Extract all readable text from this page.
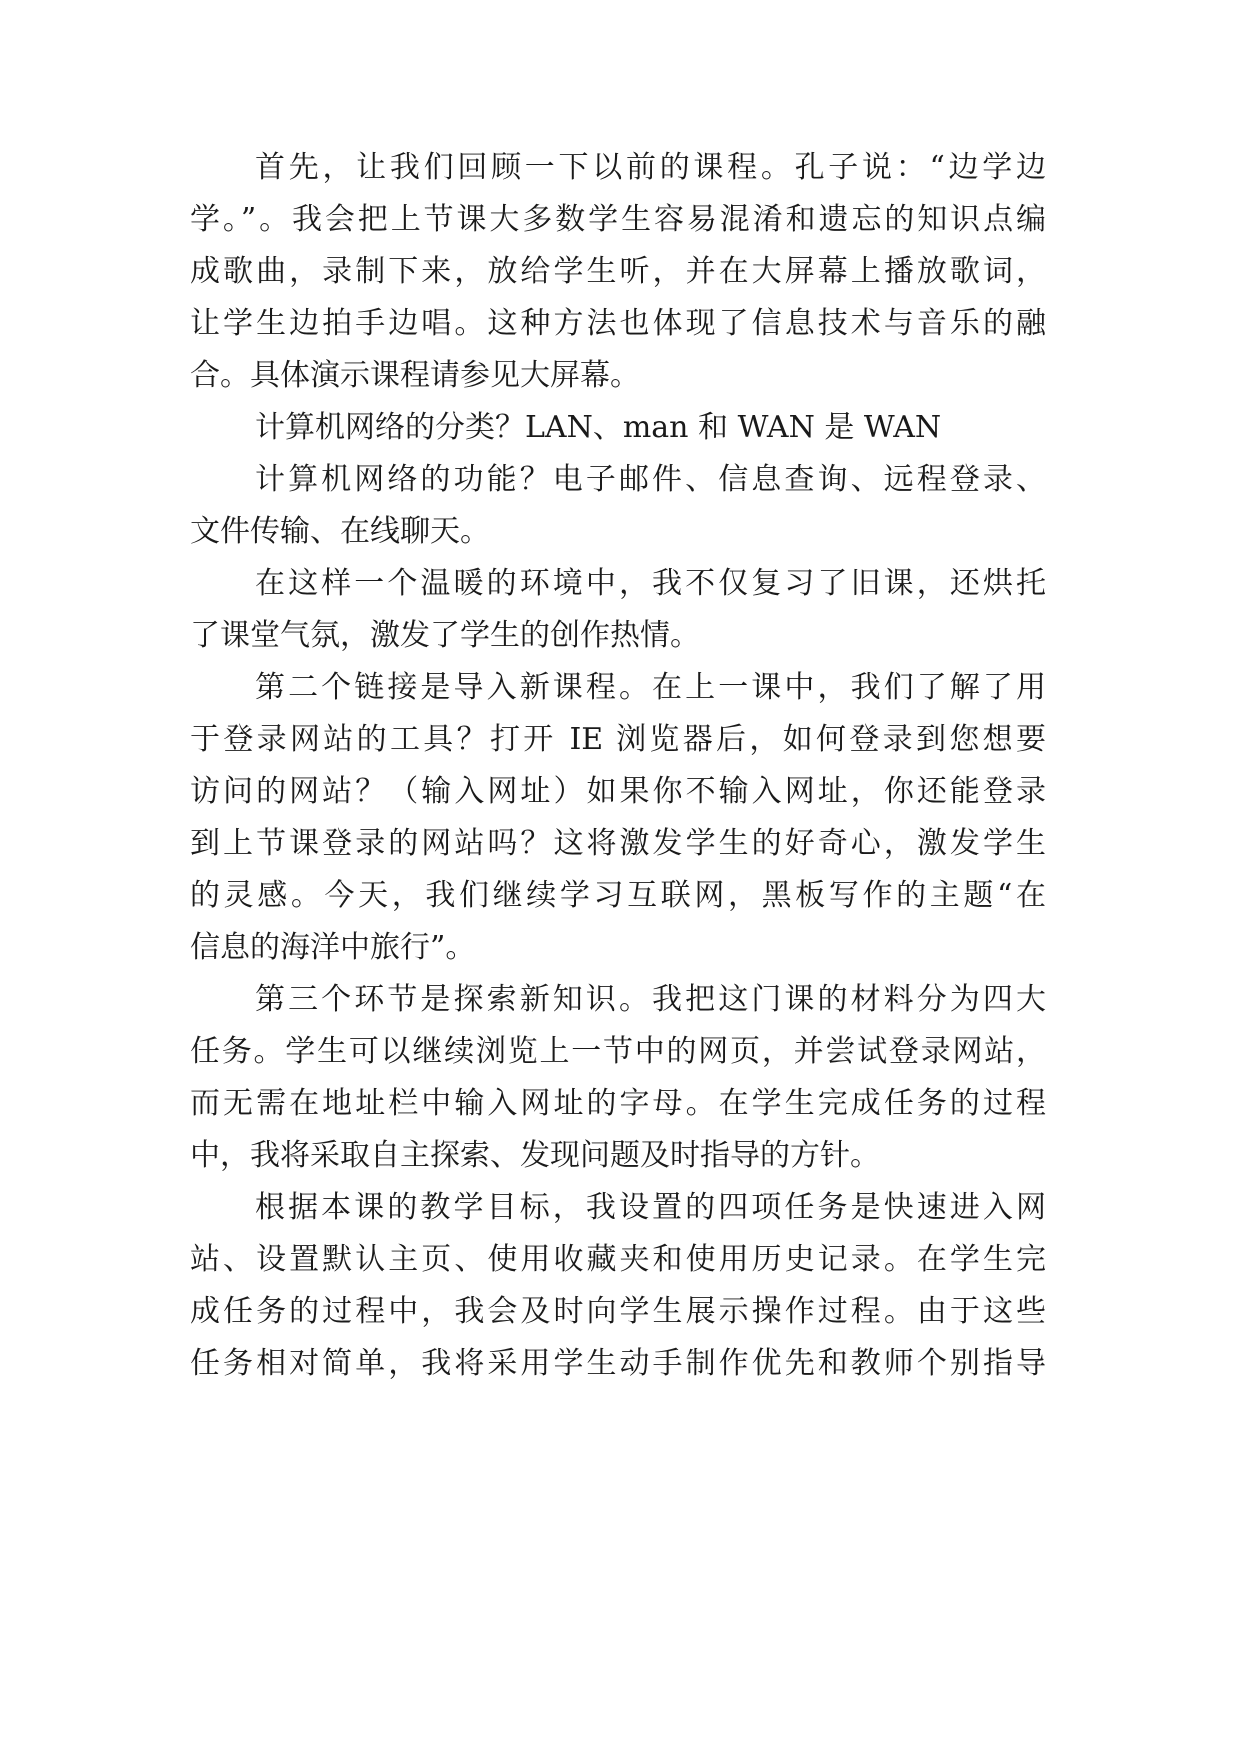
首先，让我们回顾一下以前的课程。孔子说：“边学边
学。”。我会把上节课大多数学生容易混淆和遗忘的知识点编
成歌曲，录制下来，放给学生听，并在大屏幕上播放歌词，
让学生边拍手边唱。这种方法也体现了信息技术与音乐的融
合。具体演示课程请参见大屏幕。
计算机网络的分类？LAN、man 和 WAN 是 WAN
计算机网络的功能？电子邮件、信息查询、远程登录、
文件传输、在线聊天。
在这样一个温暖的环境中，我不仅复习了旧课，还烘托
了课堂气氛，激发了学生的创作热情。
第二个链接是导入新课程。在上一课中，我们了解了用
于登录网站的工具？打开 IE 浏览器后，如何登录到您想要
访问的网站？（输入网址）如果你不输入网址，你还能登录
到上节课登录的网站吗？这将激发学生的好奇心，激发学生
的灵感。今天，我们继续学习互联网，黑板写作的主题“在
信息的海洋中旅行”。
第三个环节是探索新知识。我把这门课的材料分为四大
任务。学生可以继续浏览上一节中的网页，并尝试登录网站，
而无需在地址栏中输入网址的字母。在学生完成任务的过程
中，我将采取自主探索、发现问题及时指导的方针。
根据本课的教学目标，我设置的四项任务是快速进入网
站、设置默认主页、使用收藏夹和使用历史记录。在学生完
成任务的过程中，我会及时向学生展示操作过程。由于这些
任务相对简单，我将采用学生动手制作优先和教师个别指导
